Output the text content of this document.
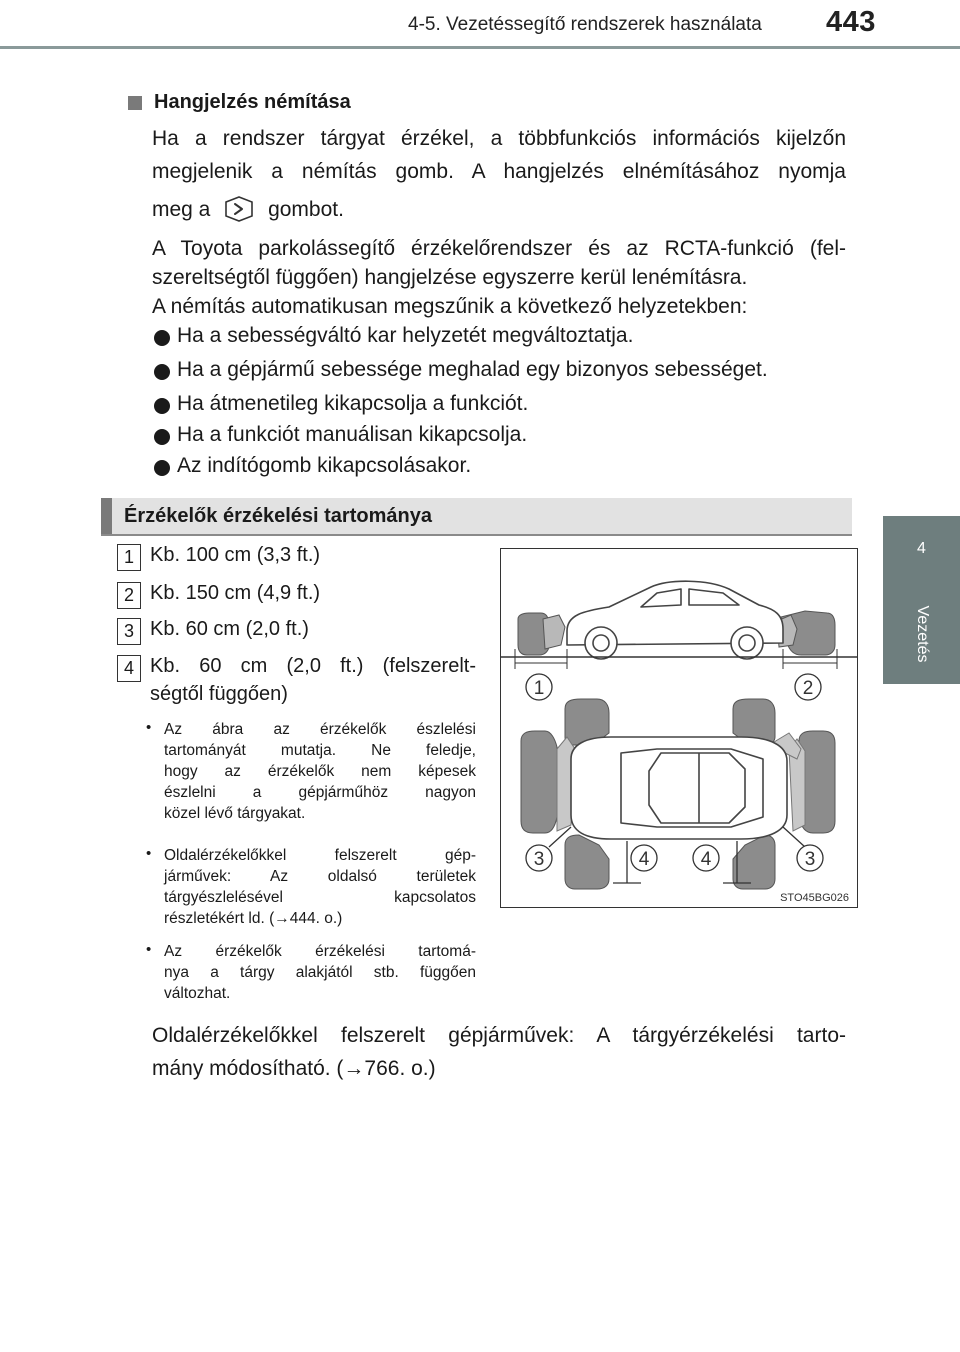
4-5. Vezetéssegítő rendszerek használata 443
4
Vezetés
Hangjelzés némítása
Ha a rendszer tárgyat érzékel, a többfunkciós információs kijelzőn
megjelenik a némítás gomb. A hangjelzés elnémításához nyomja
meg a	gombot.
A Toyota parkolássegítő érzékelőrendszer és az RCTA-funkció (fel-
szereltségtől függően) hangjelzése egyszerre kerül lenémításra.
A némítás automatikusan megszűnik a következő helyzetekben:
Ha a sebességváltó kar helyzetét megváltoztatja.
Ha a gépjármű sebessége meghalad egy bizonyos sebességet.
Ha átmenetileg kikapcsolja a funkciót.
Ha a funkciót manuálisan kikapcsolja.
Az indítógomb kikapcsolásakor.
Érzékelők érzékelési tartománya
1 Kb. 100 cm (3,3 ft.)
2 Kb. 150 cm (4,9 ft.)
3 Kb. 60 cm (2,0 ft.)
4 Kb. 60 cm (2,0 ft.) (felszerelt-
ségtől függően)
• Az ábra az érzékelők észlelési
tartományát mutatja. Ne feledje,
hogy az érzékelők nem képesek
észlelni a gépjárműhöz nagyon
közel lévő tárgyakat.
• Oldalérzékelőkkel felszerelt gép-
járművek: Az oldalsó területek
tárgyészlelésével kapcsolatos
részletékért ld. (→444. o.)
• Az érzékelők érzékelési tartomá-
nya a tárgy alakjától stb. függően
változhat.
Oldalérzékelőkkel felszerelt gépjárművek: A tárgyérzékelési tarto-
mány módosítható. (→766. o.)
1	2
3	4	4	3
STO45BG026
